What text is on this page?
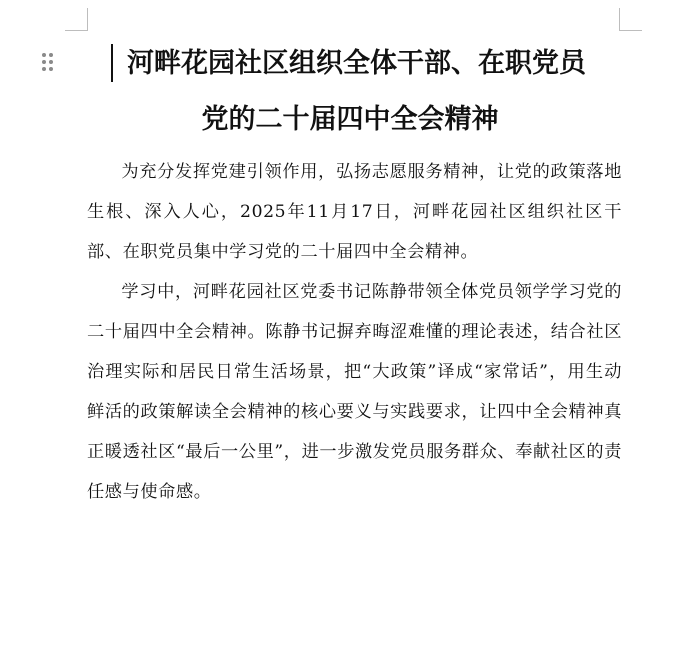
河畔花园社区组织全体干部、在职党员
党的二十届四中全会精神

为充分发挥党建引领作用，弘扬志愿服务精神，让党的政策落地生根、深入人心，2025年11月17日，河畔花园社区组织社区干部、在职党员集中学习党的二十届四中全会精神。

学习中，河畔花园社区党委书记陈静带领全体党员领学学习党的二十届四中全会精神。陈静书记摒弃晦涩难懂的理论表述，结合社区治理实际和居民日常生活场景，把“大政策”译成“家常话”，用生动鲜活的政策解读全会精神的核心要义与实践要求，让四中全会精神真正暖透社区“最后一公里”，进一步激发党员服务群众、奉献社区的责任感与使命感。
